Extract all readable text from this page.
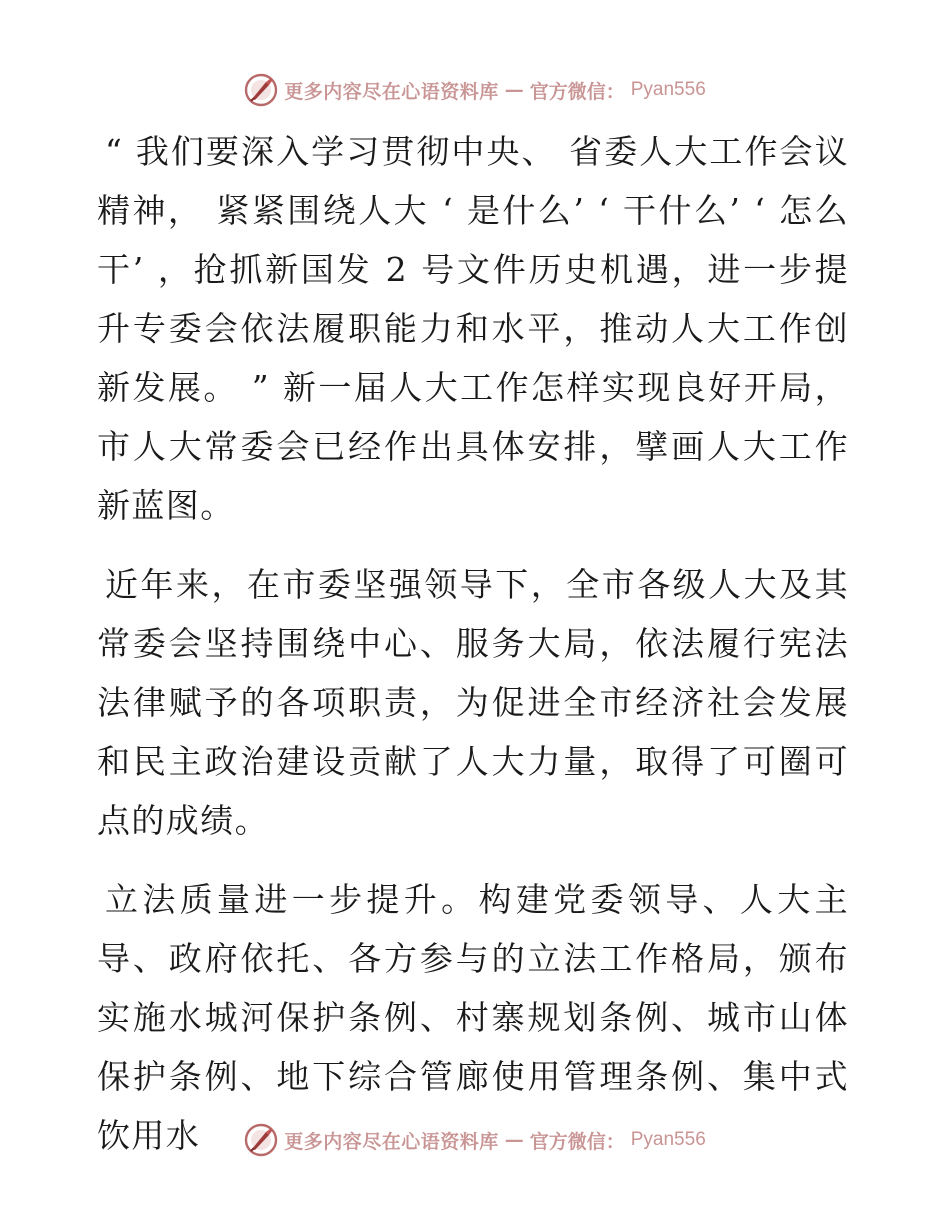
更多内容尽在心语资料库 — 官方微信： Pyan556

“ 我们要深入学习贯彻中央、 省委人大工作会议精神， 紧紧围绕人大 ‘ 是什么’ ‘ 干什么’ ‘ 怎么干’ ，抢抓新国发 2 号文件历史机遇，进一步提升专委会依法履职能力和水平，推动人大工作创新发展。 ” 新一届人大工作怎样实现良好开局，市人大常委会已经作出具体安排，擘画人大工作新蓝图。

近年来，在市委坚强领导下，全市各级人大及其常委会坚持围绕中心、服务大局，依法履行宪法法律赋予的各项职责，为促进全市经济社会发展和民主政治建设贡献了人大力量，取得了可圈可点的成绩。

立法质量进一步提升。构建党委领导、人大主导、政府依托、各方参与的立法工作格局，颁布实施水城河保护条例、村寨规划条例、城市山体保护条例、地下综合管廊使用管理条例、集中式饮用水	更多内容尽在心语资料库 — 官方微信： Pyan556
